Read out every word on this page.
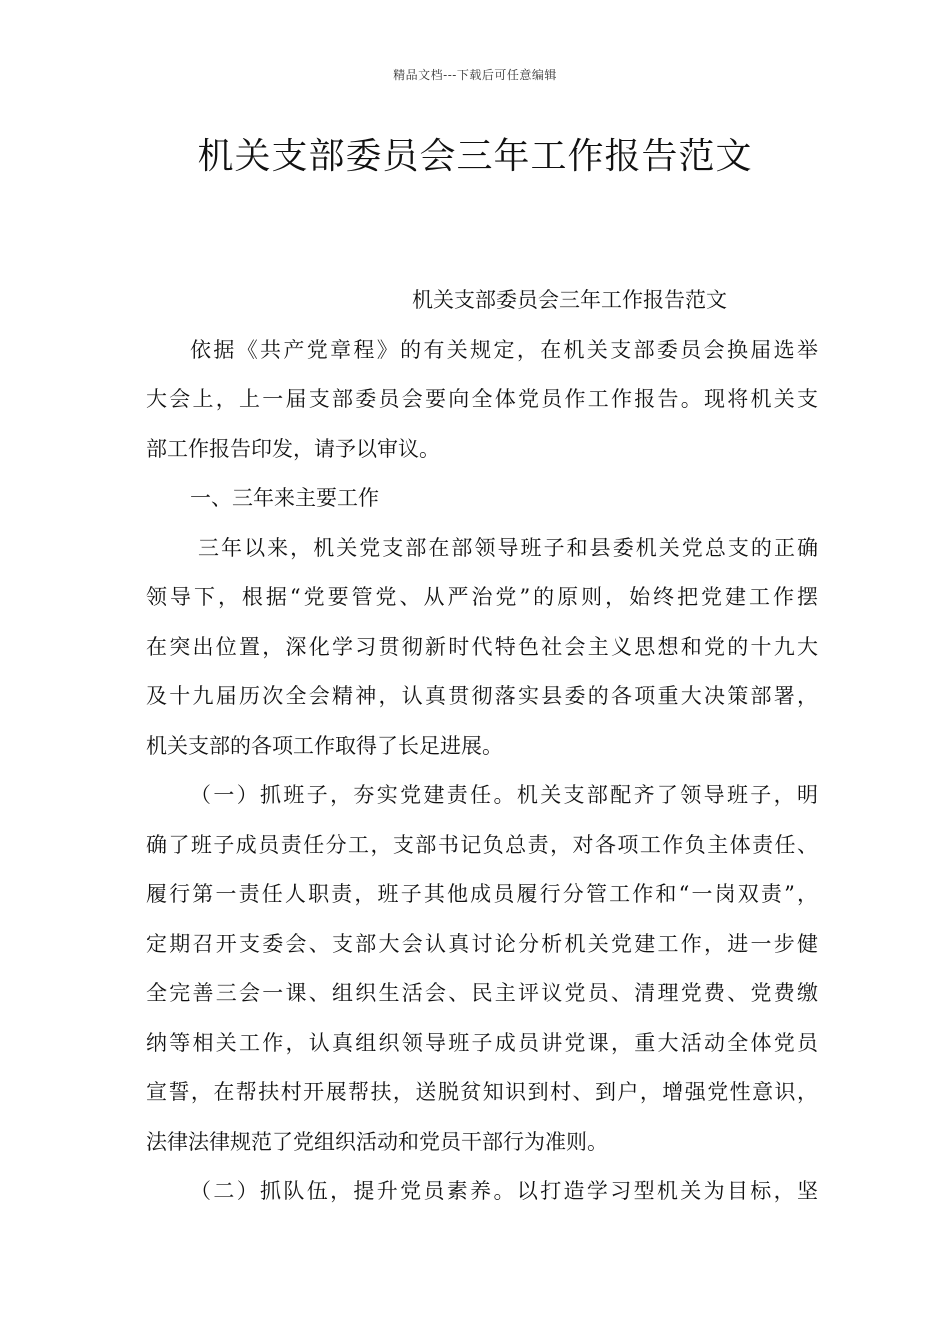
精品文档---下载后可任意编辑
机关支部委员会三年工作报告范文
机关支部委员会三年工作报告范文
依据《共产党章程》的有关规定，在机关支部委员会换届选举
大会上，上一届支部委员会要向全体党员作工作报告。现将机关支
部工作报告印发，请予以审议。
一、三年来主要工作
三年以来，机关党支部在部领导班子和县委机关党总支的正确
领导下，根据“党要管党、从严治党”的原则，始终把党建工作摆
在突出位置，深化学习贯彻新时代特色社会主义思想和党的十九大
及十九届历次全会精神，认真贯彻落实县委的各项重大决策部署，
机关支部的各项工作取得了长足进展。
（一）抓班子，夯实党建责任。机关支部配齐了领导班子，明
确了班子成员责任分工，支部书记负总责，对各项工作负主体责任、
履行第一责任人职责，班子其他成员履行分管工作和“一岗双责”，
定期召开支委会、支部大会认真讨论分析机关党建工作，进一步健
全完善三会一课、组织生活会、民主评议党员、清理党费、党费缴
纳等相关工作，认真组织领导班子成员讲党课，重大活动全体党员
宣誓，在帮扶村开展帮扶，送脱贫知识到村、到户，增强党性意识，
法律法律规范了党组织活动和党员干部行为准则。
（二）抓队伍，提升党员素养。以打造学习型机关为目标，坚
